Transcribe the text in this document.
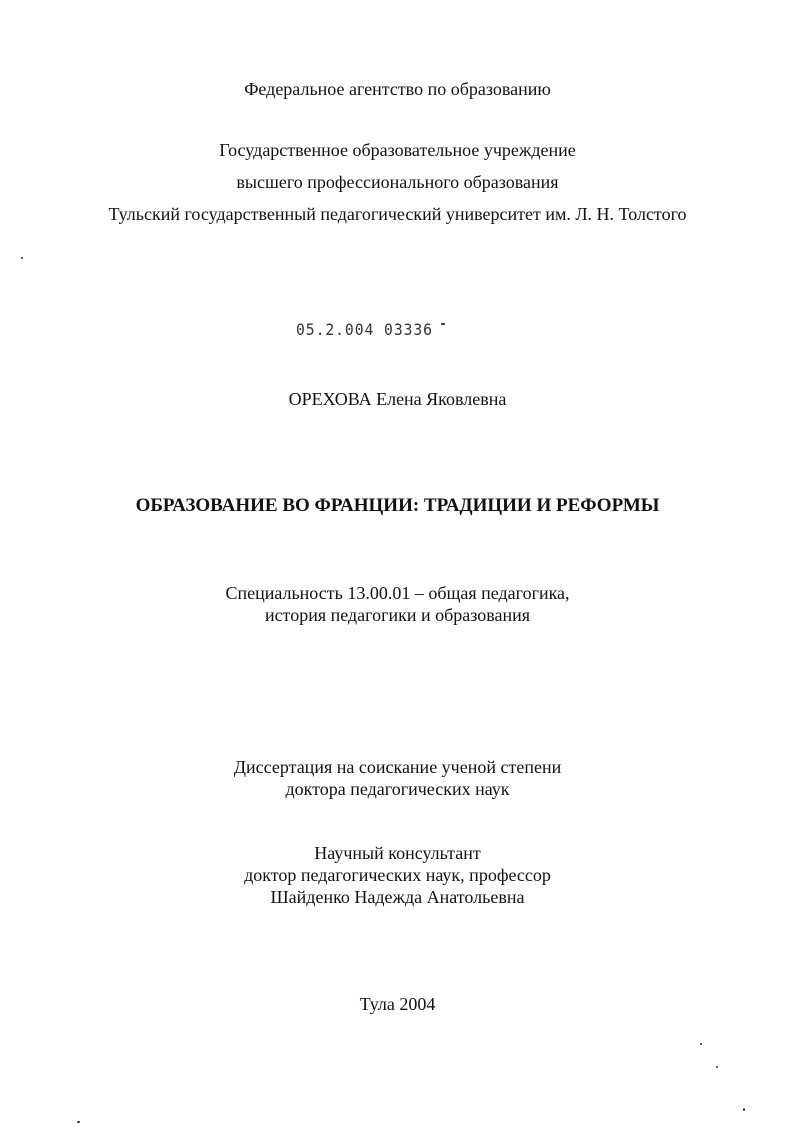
Федеральное агентство по образованию
Государственное образовательное учреждение
высшего профессионального образования
Тульский государственный педагогический университет им. Л. Н. Толстого
05.2.004 03336
ОРЕХОВА Елена Яковлевна
ОБРАЗОВАНИЕ ВО ФРАНЦИИ: ТРАДИЦИИ И РЕФОРМЫ
Специальность 13.00.01 – общая педагогика,
история педагогики и образования
Диссертация на соискание ученой степени
доктора педагогических наук
Научный консультант
доктор педагогических наук, профессор
Шайденко Надежда Анатольевна
Тула 2004
